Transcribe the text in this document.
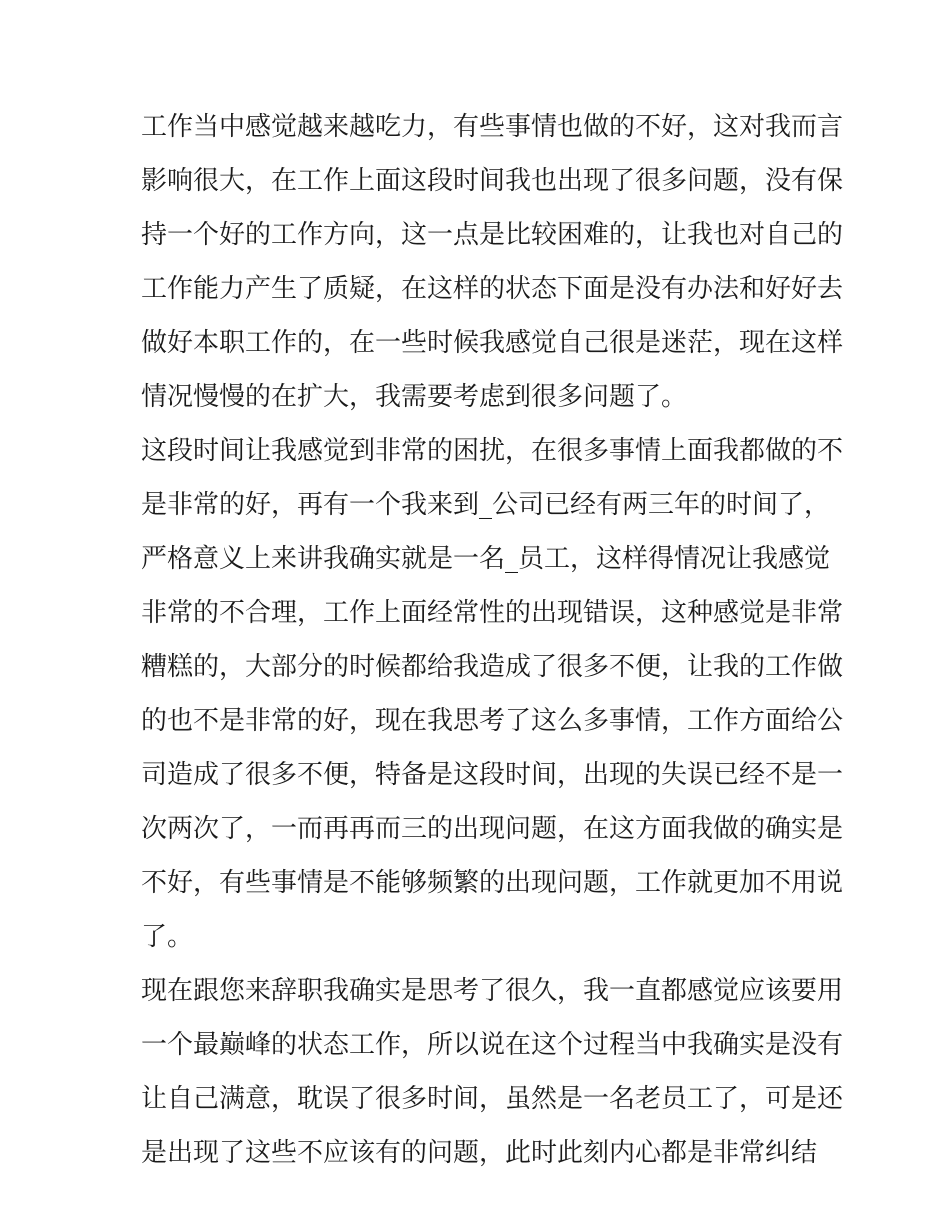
工作当中感觉越来越吃力，有些事情也做的不好，这对我而言
影响很大，在工作上面这段时间我也出现了很多问题，没有保
持一个好的工作方向，这一点是比较困难的，让我也对自己的
工作能力产生了质疑，在这样的状态下面是没有办法和好好去
做好本职工作的，在一些时候我感觉自己很是迷茫，现在这样
情况慢慢的在扩大，我需要考虑到很多问题了。
这段时间让我感觉到非常的困扰，在很多事情上面我都做的不
是非常的好，再有一个我来到_公司已经有两三年的时间了，
严格意义上来讲我确实就是一名_员工，这样得情况让我感觉
非常的不合理，工作上面经常性的出现错误，这种感觉是非常
糟糕的，大部分的时候都给我造成了很多不便，让我的工作做
的也不是非常的好，现在我思考了这么多事情，工作方面给公
司造成了很多不便，特备是这段时间，出现的失误已经不是一
次两次了，一而再再而三的出现问题，在这方面我做的确实是
不好，有些事情是不能够频繁的出现问题，工作就更加不用说
了。
现在跟您来辞职我确实是思考了很久，我一直都感觉应该要用
一个最巅峰的状态工作，所以说在这个过程当中我确实是没有
让自己满意，耽误了很多时间，虽然是一名老员工了，可是还
是出现了这些不应该有的问题，此时此刻内心都是非常纠结
